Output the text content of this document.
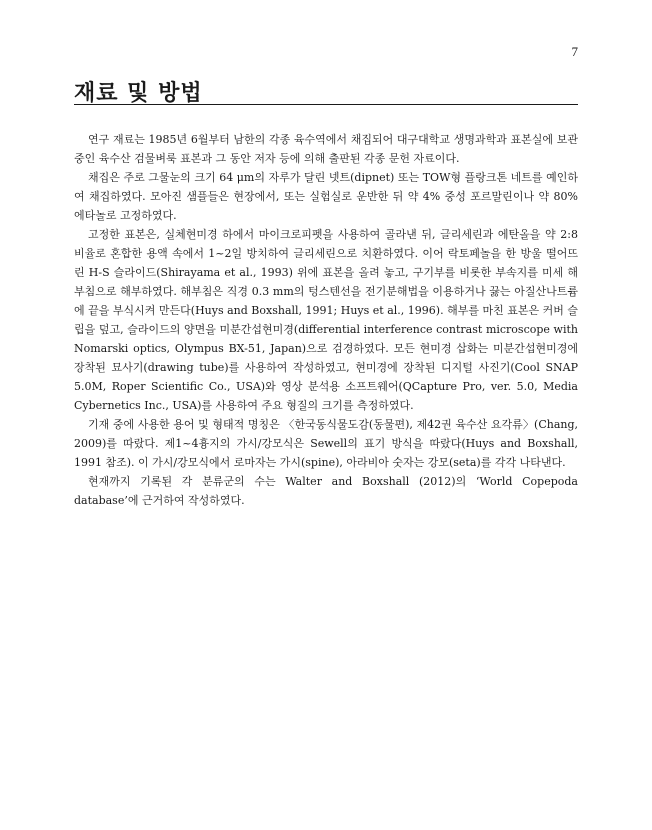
7
재료 및 방법

연구 재료는 1985년 6월부터 남한의 각종 육수역에서 채집되어 대구대학교 생명과학과 표본실에 보관중인 육수산 검물벼룩 표본과 그 동안 저자 등에 의해 출판된 각종 문헌 자료이다.

채집은 주로 그물눈의 크기 64 μm의 자루가 달린 넷트(dipnet) 또는 TOW형 플랑크톤 네트를 예인하여 채집하였다. 모아진 샘플들은 현장에서, 또는 실험실로 운반한 뒤 약 4% 중성 포르말린이나 약 80% 에타놀로 고정하였다.

고정한 표본은, 실체현미경 하에서 마이크로피펫을 사용하여 골라낸 뒤, 글리세린과 에탄올을 약 2:8 비율로 혼합한 용액 속에서 1~2일 방치하여 글리세린으로 치환하였다. 이어 락토페놀을 한 방울 떨어뜨린 H-S 슬라이드(Shirayama et al., 1993) 위에 표본을 올려 놓고, 구기부를 비롯한 부속지를 미세 해부침으로 해부하였다. 해부침은 직경 0.3 mm의 텅스텐선을 전기분해법을 이용하거나 끓는 아질산나트륨에 끝을 부식시켜 만든다(Huys and Boxshall, 1991; Huys et al., 1996). 해부를 마친 표본은 커버 슬립을 덮고, 슬라이드의 양면을 미분간섭현미경(differential interference contrast microscope with Nomarski optics, Olympus BX-51, Japan)으로 검경하였다. 모든 현미경 삽화는 미분간섭현미경에 장착된 묘사기(drawing tube)를 사용하여 작성하였고, 현미경에 장착된 디지털 사진기(Cool SNAP 5.0M, Roper Scientific Co., USA)와 영상 분석용 소프트웨어(QCapture Pro, ver. 5.0, Media Cybernetics Inc., USA)를 사용하여 주요 형질의 크기를 측정하였다.

기재 중에 사용한 용어 및 형태적 명칭은 〈한국동식물도감(동물편), 제42권 육수산 요각류〉(Chang, 2009)를 따랐다. 제1~4흉지의 가시/강모식은 Sewell의 표기 방식을 따랐다(Huys and Boxshall, 1991 참조). 이 가시/강모식에서 로마자는 가시(spine), 아라비아 숫자는 강모(seta)를 각각 나타낸다.

현재까지 기록된 각 분류군의 수는 Walter and Boxshall (2012)의 ‘World Copepoda database’에 근거하여 작성하였다.
